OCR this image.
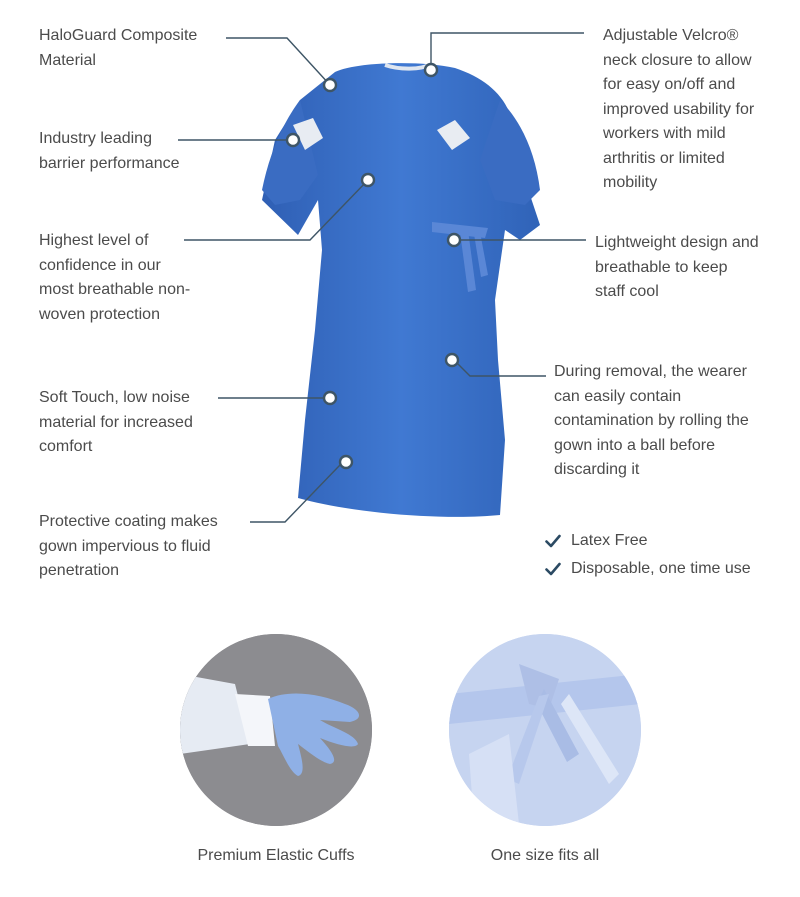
HaloGuard Composite
Material

Industry leading
barrier performance

Highest level of
confidence in our
most breathable non-
woven protection

Soft Touch, low noise
material for increased
comfort

Protective coating makes
gown impervious to fluid
penetration

Adjustable Velcro®
neck closure to allow
for easy on/off and
improved usability for
workers with mild
arthritis or limited
mobility

Lightweight design and
breathable to keep
staff cool

During removal, the wearer
can easily contain
contamination by rolling the
gown into a ball before
discarding it

Latex Free
Disposable, one time use
Premium Elastic Cuffs	One size fits all
